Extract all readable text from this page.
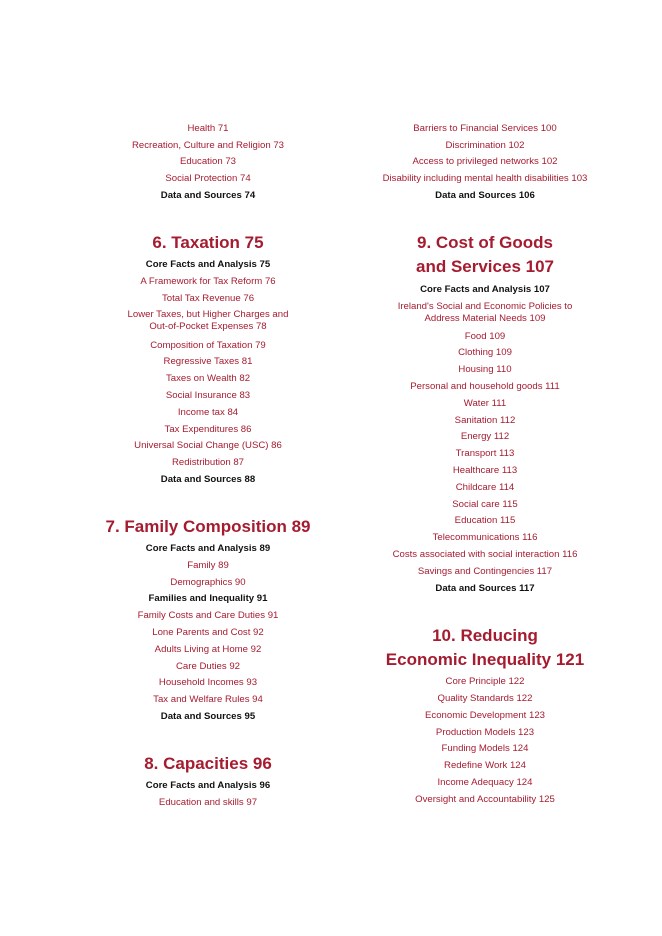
Health 71
Recreation, Culture and Religion 73
Education 73
Social Protection 74
Data and Sources 74
6. Taxation 75
Core Facts and Analysis 75
A Framework for Tax Reform 76
Total Tax Revenue 76
Lower Taxes, but Higher Charges and
Out-of-Pocket Expenses 78
Composition of Taxation 79
Regressive Taxes 81
Taxes on Wealth 82
Social Insurance 83
Income tax 84
Tax Expenditures 86
Universal Social Change (USC) 86
Redistribution 87
Data and Sources 88
7. Family Composition 89
Core Facts and Analysis 89
Family 89
Demographics 90
Families and Inequality 91
Family Costs and Care Duties 91
Lone Parents and Cost 92
Adults Living at Home 92
Care Duties 92
Household Incomes 93
Tax and Welfare Rules 94
Data and Sources 95
8. Capacities 96
Core Facts and Analysis 96
Education and skills 97
Barriers to Financial Services 100
Discrimination 102
Access to privileged networks 102
Disability including mental health disabilities 103
Data and Sources 106
9. Cost of Goods
and Services 107
Core Facts and Analysis 107
Ireland's Social and Economic Policies to
Address Material Needs 109
Food 109
Clothing 109
Housing 110
Personal and household goods 111
Water 111
Sanitation 112
Energy 112
Transport 113
Healthcare 113
Childcare 114
Social care 115
Education 115
Telecommunications 116
Costs associated with social interaction 116
Savings and Contingencies 117
Data and Sources 117
10. Reducing
Economic Inequality 121
Core Principle 122
Quality Standards 122
Economic Development 123
Production Models 123
Funding Models 124
Redefine Work 124
Income Adequacy 124
Oversight and Accountability 125
